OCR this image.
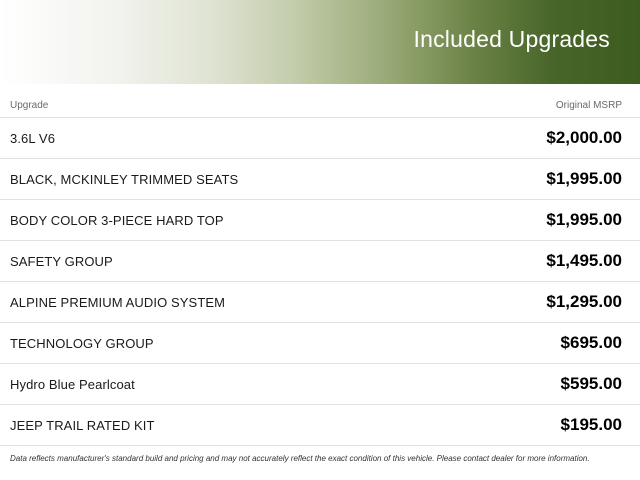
Included Upgrades
Upgrade	Original MSRP
3.6L V6	$2,000.00
BLACK, MCKINLEY TRIMMED SEATS	$1,995.00
BODY COLOR 3-PIECE HARD TOP	$1,995.00
SAFETY GROUP	$1,495.00
ALPINE PREMIUM AUDIO SYSTEM	$1,295.00
TECHNOLOGY GROUP	$695.00
Hydro Blue Pearlcoat	$595.00
JEEP TRAIL RATED KIT	$195.00
Data reflects manufacturer's standard build and pricing and may not accurately reflect the exact condition of this vehicle. Please contact dealer for more information.
